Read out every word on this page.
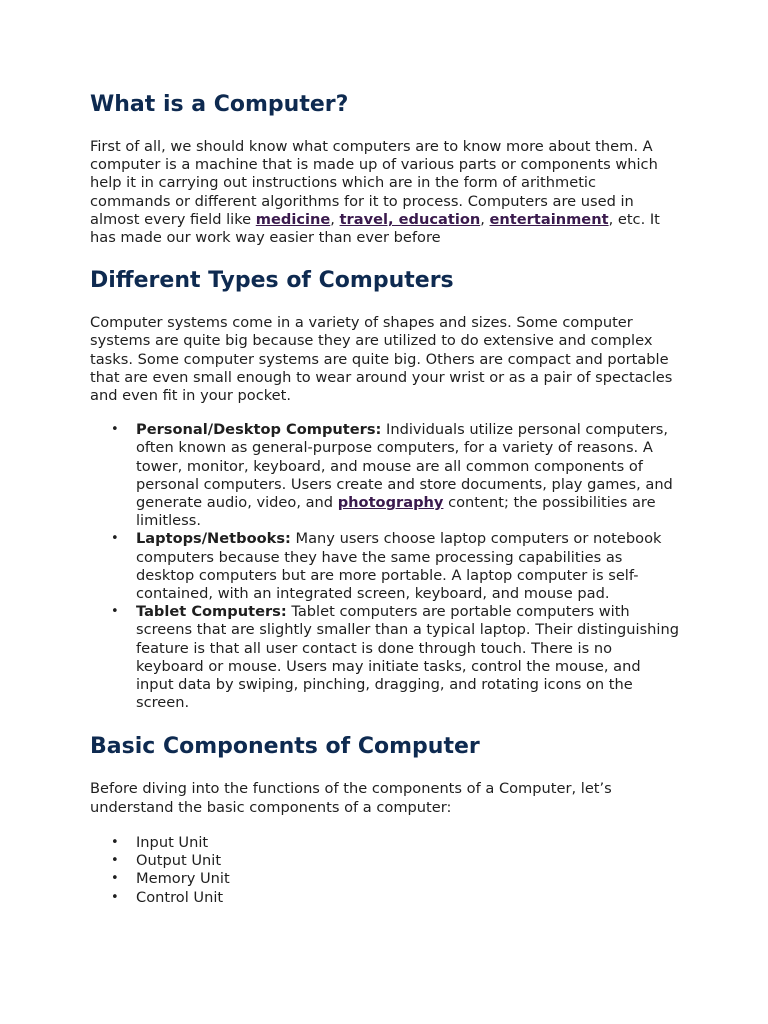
What is a Computer?

First of all, we should know what computers are to know more about them. A computer is a machine that is made up of various parts or components which help it in carrying out instructions which are in the form of arithmetic commands or different algorithms for it to process. Computers are used in almost every field like medicine, travel, education, entertainment, etc. It has made our work way easier than ever before

Different Types of Computers

Computer systems come in a variety of shapes and sizes. Some computer systems are quite big because they are utilized to do extensive and complex tasks. Some computer systems are quite big. Others are compact and portable that are even small enough to wear around your wrist or as a pair of spectacles and even fit in your pocket.

• Personal/Desktop Computers: Individuals utilize personal computers, often known as general-purpose computers, for a variety of reasons. A tower, monitor, keyboard, and mouse are all common components of personal computers. Users create and store documents, play games, and generate audio, video, and photography content; the possibilities are limitless.
• Laptops/Netbooks: Many users choose laptop computers or notebook computers because they have the same processing capabilities as desktop computers but are more portable. A laptop computer is self-contained, with an integrated screen, keyboard, and mouse pad.
• Tablet Computers: Tablet computers are portable computers with screens that are slightly smaller than a typical laptop. Their distinguishing feature is that all user contact is done through touch. There is no keyboard or mouse. Users may initiate tasks, control the mouse, and input data by swiping, pinching, dragging, and rotating icons on the screen.
Basic Components of Computer

Before diving into the functions of the components of a Computer, let’s understand the basic components of a computer:

• Input Unit
• Output Unit
• Memory Unit
• Control Unit
